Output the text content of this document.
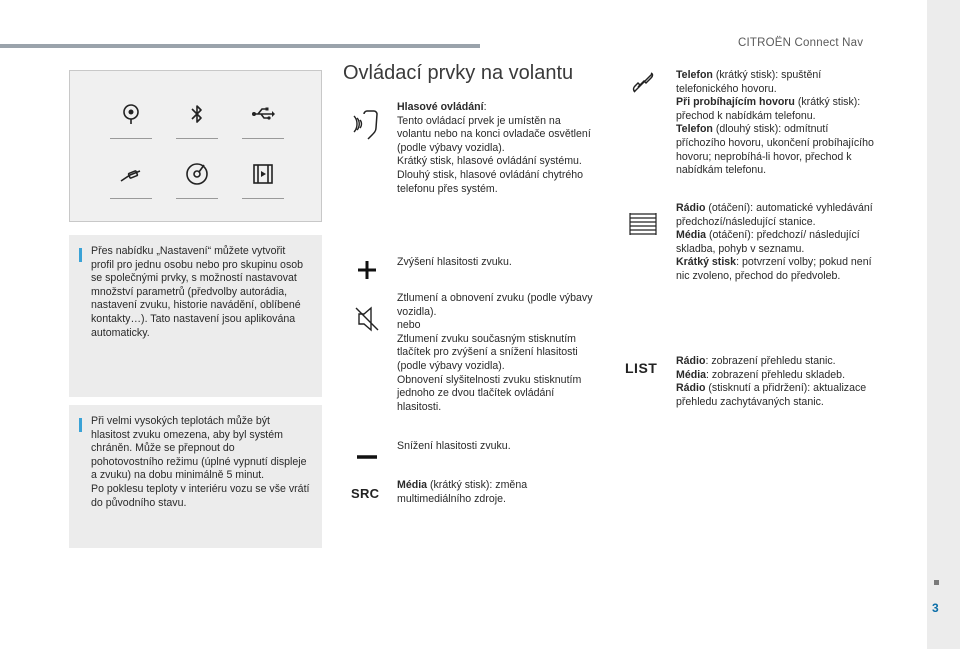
CITROËN Connect Nav
3

Přes nabídku „Nastavení“ můžete vytvořit profil pro jednu osobu nebo pro skupinu osob se společnými prvky, s možností nastavovat množství parametrů (předvolby autorádia, nastavení zvuku, historie navádění, oblíbené kontakty…). Tato nastavení jsou aplikována automaticky.

Při velmi vysokých teplotách může být hlasitost zvuku omezena, aby byl systém chráněn. Může se přepnout do pohotovostního režimu (úplné vypnutí displeje a zvuku) na dobu minimálně 5 minut.
Po poklesu teploty v interiéru vozu se vše vrátí do původního stavu.

Ovládací prvky na volantu
Hlasové ovládání:
Tento ovládací prvek je umístěn na volantu nebo na konci ovladače osvětlení (podle výbavy vozidla).
Krátký stisk, hlasové ovládání systému.
Dlouhý stisk, hlasové ovládání chytrého telefonu přes systém.
Zvýšení hlasitosti zvuku.
Ztlumení a obnovení zvuku (podle výbavy vozidla).
nebo
Ztlumení zvuku současným stisknutím tlačítek pro zvýšení a snížení hlasitosti (podle výbavy vozidla).
Obnovení slyšitelnosti zvuku stisknutím jednoho ze dvou tlačítek ovládání hlasitosti.
Snížení hlasitosti zvuku.
SRC
Média (krátký stisk): změna multimediálního zdroje.
Telefon (krátký stisk): spuštění telefonického hovoru.
Při probíhajícím hovoru (krátký stisk): přechod k nabídkám telefonu.
Telefon (dlouhý stisk): odmítnutí příchozího hovoru, ukončení probíhajícího hovoru; neprobíhá-li hovor, přechod k nabídkám telefonu.
Rádio (otáčení): automatické vyhledávání předchozí/následující stanice.
Média (otáčení): předchozí/ následující skladba, pohyb v seznamu.
Krátký stisk: potvrzení volby; pokud není nic zvoleno, přechod do předvoleb.
LIST Rádio: zobrazení přehledu stanic.
Média: zobrazení přehledu skladeb.
Rádio (stisknutí a přidržení): aktualizace přehledu zachytávaných stanic.
